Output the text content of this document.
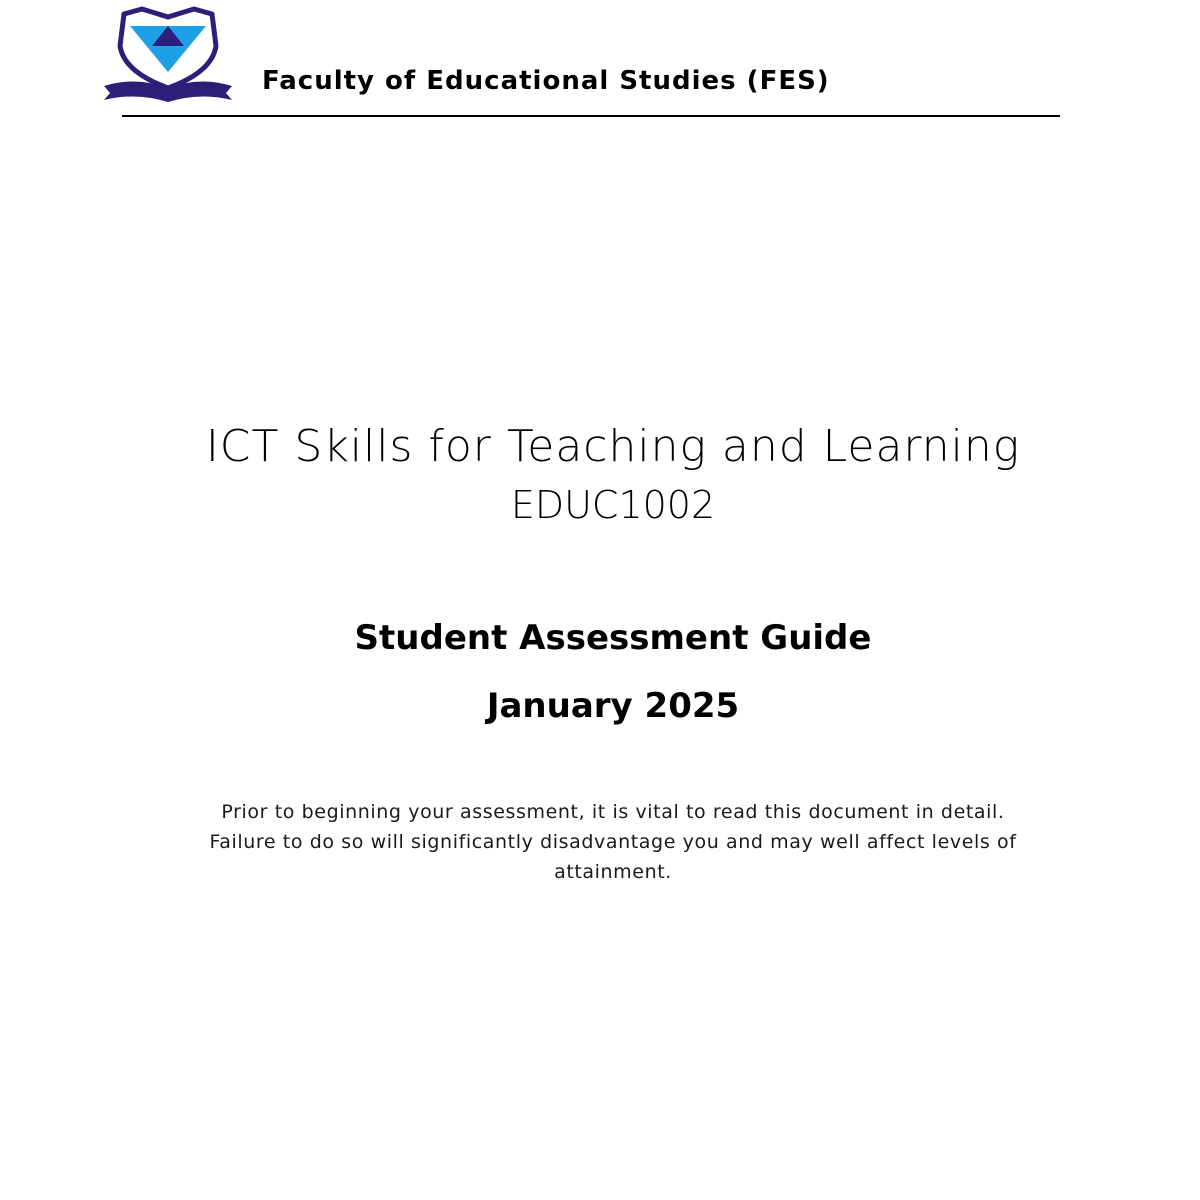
Faculty of Educational Studies (FES)
ICT Skills for Teaching and Learning
EDUC1002
Student Assessment Guide
January 2025
Prior to beginning your assessment, it is vital to read this document in detail.
Failure to do so will significantly disadvantage you and may well affect levels of
attainment.
